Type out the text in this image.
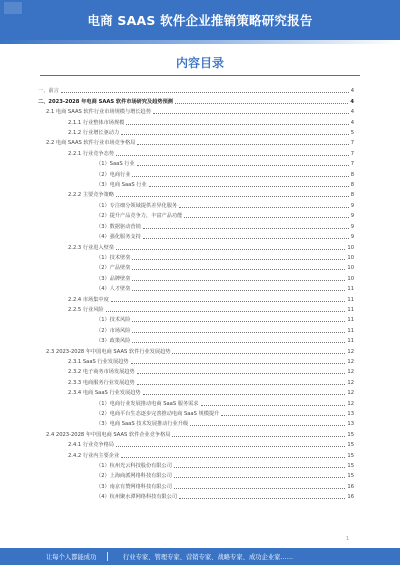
电商 SAAS 软件企业推销策略研究报告
内容目录
一、前言	4
二、2023-2028 年电商 SAAS 软件市场研究及趋势预测	4
2.1 电商 SAAS 软件行业市场规模与增长趋势	4
2.1.1 行业整体市场规模	4
2.1.2 行业增长驱动力	5
2.2 电商 SAAS 软件行业市场竞争格局	7
2.2.1 行业竞争态势	7
（1）SaaS 行业	7
（2）电商行业	8
（3）电商 SaaS 行业	8
2.2.2 主要竞争策略	8
（1）专注细分领域提供差异化服务	9
（2）提升产品竞争力，丰富产品功能	9
（3）数据驱动营销	9
（4）强化服务支持	9
2.2.3 行业进入壁垒	10
（1）技术壁垒	10
（2）产品壁垒	10
（3）品牌壁垒	10
（4）人才壁垒	11
2.2.4 市场集中度	11
2.2.5 行业风险	11
（1）技术风险	11
（2）市场风险	11
（3）政策风险	11
2.3 2023-2028 年中国电商 SAAS 软件行业发展趋势	12
2.3.1 SaaS 行业发展趋势	12
2.3.2 电子商务市场发展趋势	12
2.3.3 电商服务行业发展趋势	12
2.3.4 电商 SaaS 行业发展趋势	12
（1）电商行业发展推动电商 SaaS 服务需求	12
（2）电商平台生态逐步完善推动电商 SaaS 规模提升	13
（3）电商 SaaS 技术发展推动行业升级	13
2.4 2023-2028 年中国电商 SAAS 软件企业竞争格局	15
2.4.1 行业竞争格局	15
2.4.2 行业内主要企业	15
（1）杭州光云科技股份有限公司	15
（2）上海商派网络科技有限公司	15
（3）南京有赞网络科技有限公司	16
（4）杭州聚水潭网络科技有限公司	16
1
让每个人都能成功	行业专家、管理专家、营销专家、战略专家、成功企业家……
